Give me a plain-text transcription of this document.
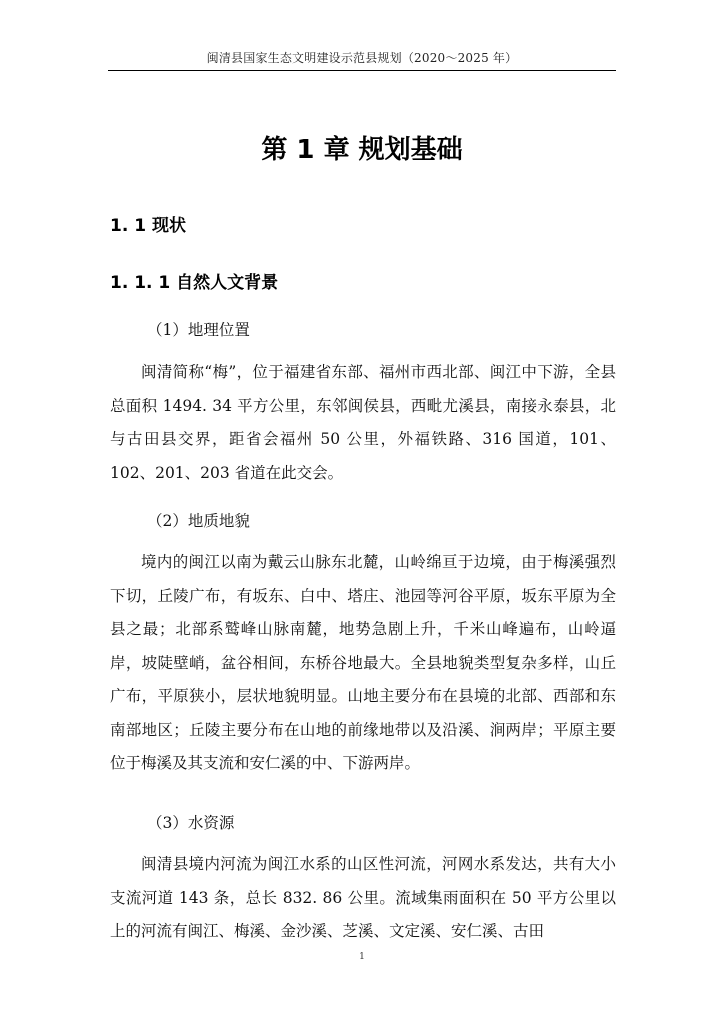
闽清县国家生态文明建设示范县规划（2020～2025 年）
第 1 章 规划基础
1. 1 现状
1. 1. 1 自然人文背景
（1）地理位置

闽清简称“梅”，位于福建省东部、福州市西北部、闽江中下游，全县总面积 1494. 34 平方公里，东邻闽侯县，西毗尤溪县，南接永泰县，北与古田县交界，距省会福州 50 公里，外福铁路、316 国道，101、102、201、203 省道在此交会。

（2）地质地貌

境内的闽江以南为戴云山脉东北麓，山岭绵亘于边境，由于梅溪强烈下切，丘陵广布，有坂东、白中、塔庄、池园等河谷平原，坂东平原为全县之最；北部系鹫峰山脉南麓，地势急剧上升，千米山峰遍布，山岭逼岸，坡陡壁峭，盆谷相间，东桥谷地最大。全县地貌类型复杂多样，山丘广布，平原狭小，层状地貌明显。山地主要分布在县境的北部、西部和东南部地区；丘陵主要分布在山地的前缘地带以及沿溪、涧两岸；平原主要位于梅溪及其支流和安仁溪的中、下游两岸。

（3）水资源

闽清县境内河流为闽江水系的山区性河流，河网水系发达，共有大小支流河道 143 条，总长 832. 86 公里。流域集雨面积在 50 平方公里以上的河流有闽江、梅溪、金沙溪、芝溪、文定溪、安仁溪、古田

1
